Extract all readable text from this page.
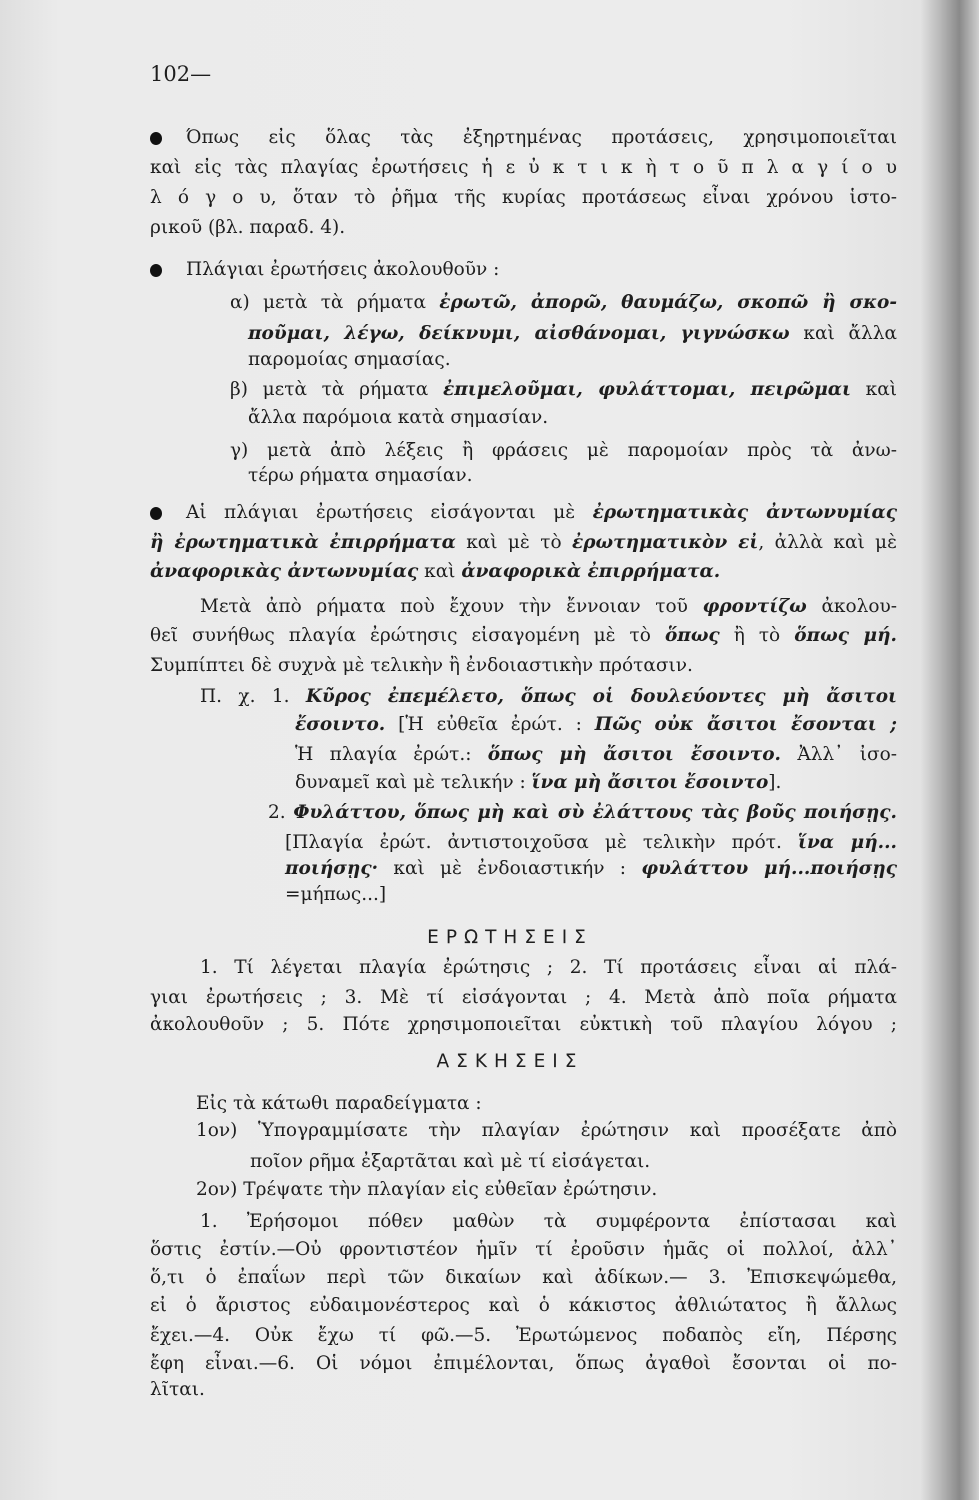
102—
Όπως εἰς ὅλας τὰς ἐξηρτημένας προτάσεις, χρησιμοποιεῖται
καὶ εἰς τὰς πλαγίας ἐρωτήσεις ἡ ε ὐ κ τ ι κ ὴ τ ο ῦ π λ α γ ί ο υ
λ ό γ ο υ, ὅταν τὸ ῥῆμα τῆς κυρίας προτάσεως εἶναι χρόνου ἱστο-
ρικοῦ (βλ. παραδ. 4).
Πλάγιαι ἐρωτήσεις ἀκολουθοῦν :
α) μετὰ τὰ ρήματα ἐρωτῶ, ἀπορῶ, θαυμάζω, σκοπῶ ἢ σκο-
ποῦμαι, λέγω, δείκνυμι, αἰσθάνομαι, γιγνώσκω καὶ ἄλλα
παρομοίας σημασίας.
β) μετὰ τὰ ρήματα ἐπιμελοῦμαι, φυλάττομαι, πειρῶμαι καὶ
ἄλλα παρόμοια κατὰ σημασίαν.
γ) μετὰ ἀπὸ λέξεις ἢ φράσεις μὲ παρομοίαν πρὸς τὰ ἀνω-
τέρω ρήματα σημασίαν.
Αἱ πλάγιαι ἐρωτήσεις εἰσάγονται μὲ ἐρωτηματικὰς ἀντωνυμίας
ἢ ἐρωτηματικὰ ἐπιρρήματα καὶ μὲ τὸ ἐρωτηματικὸν εἰ, ἀλλὰ καὶ μὲ
ἀναφορικὰς ἀντωνυμίας καὶ ἀναφορικὰ ἐπιρρήματα.
Μετὰ ἀπὸ ρήματα ποὺ ἔχουν τὴν ἔννοιαν τοῦ φροντίζω ἀκολου-
θεῖ συνήθως πλαγία ἐρώτησις εἰσαγομένη μὲ τὸ ὅπως ἢ τὸ ὅπως μή.
Συμπίπτει δὲ συχνὰ μὲ τελικὴν ἢ ἐνδοιαστικὴν πρότασιν.
Π. χ. 1. Κῦρος ἐπεμέλετο, ὅπως οἱ δουλεύοντες μὴ ἄσιτοι
ἔσοιντο. [Ἡ εὐθεῖα ἐρώτ. : Πῶς οὐκ ἄσιτοι ἔσονται ;
Ἡ πλαγία ἐρώτ.: ὅπως μὴ ἄσιτοι ἔσοιντο. Ἀλλ᾽ ἰσο-
δυναμεῖ καὶ μὲ τελικήν : ἵνα μὴ ἄσιτοι ἔσοιντο].
2. Φυλάττου, ὅπως μὴ καὶ σὺ ἐλάττους τὰς βοῦς ποιήσῃς.
[Πλαγία ἐρώτ. ἀντιστοιχοῦσα μὲ τελικὴν πρότ. ἵνα μή...
ποιήσῃς· καὶ μὲ ἐνδοιαστικήν : φυλάττου μή...ποιήσῃς
=μήπως...]
ΕΡΩΤΗΣΕΙΣ
1. Τί λέγεται πλαγία ἐρώτησις ; 2. Τί προτάσεις εἶναι αἱ πλά-
γιαι ἐρωτήσεις ; 3. Μὲ τί εἰσάγονται ; 4. Μετὰ ἀπὸ ποῖα ρήματα
ἀκολουθοῦν ; 5. Πότε χρησιμοποιεῖται εὐκτικὴ τοῦ πλαγίου λόγου ;
ΑΣΚΗΣΕΙΣ
Εἰς τὰ κάτωθι παραδείγματα :
1ον) Ὑπογραμμίσατε τὴν πλαγίαν ἐρώτησιν καὶ προσέξατε ἀπὸ
ποῖον ρῆμα ἐξαρτᾶται καὶ μὲ τί εἰσάγεται.
2ον) Τρέψατε τὴν πλαγίαν εἰς εὐθεῖαν ἐρώτησιν.
1. Ἐρήσομοι πόθεν μαθὼν τὰ συμφέροντα ἐπίστασαι καὶ
ὅστις ἐστίν.—Οὐ φροντιστέον ἡμῖν τί ἐροῦσιν ἡμᾶς οἱ πολλοί, ἀλλ᾽
ὅ,τι ὁ ἐπαΐων περὶ τῶν δικαίων καὶ ἀδίκων.— 3. Ἐπισκεψώμεθα,
εἰ ὁ ἄριστος εὐδαιμονέστερος καὶ ὁ κάκιστος ἀθλιώτατος ἢ ἄλλως
ἔχει.—4. Οὐκ ἔχω τί φῶ.—5. Ἐρωτώμενος ποδαπὸς εἴη, Πέρσης
ἔφη εἶναι.—6. Οἱ νόμοι ἐπιμέλονται, ὅπως ἀγαθοὶ ἔσονται οἱ πο-
λῖται.
